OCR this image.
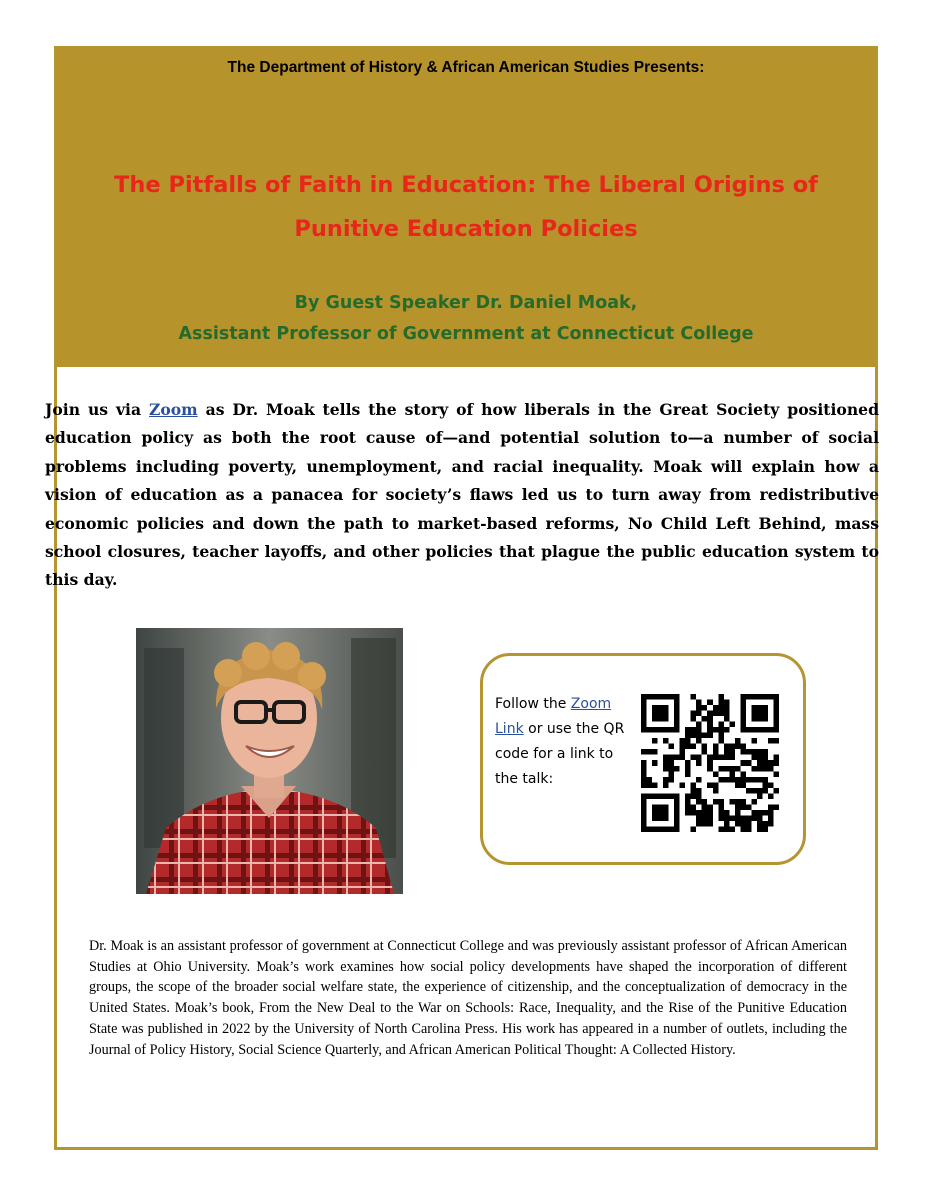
The Department of History & African American Studies Presents:
The Pitfalls of Faith in Education: The Liberal Origins of Punitive Education Policies
By Guest Speaker Dr. Daniel Moak,
Assistant Professor of Government at Connecticut College
Join us via Zoom as Dr. Moak tells the story of how liberals in the Great Society positioned education policy as both the root cause of—and potential solution to—a number of social problems including poverty, unemployment, and racial inequality. Moak will explain how a vision of education as a panacea for society’s flaws led us to turn away from redistributive economic policies and down the path to market-based reforms, No Child Left Behind, mass school closures, teacher layoffs, and other policies that plague the public education system to this day.
Follow the Zoom Link or use the QR code for a link to the talk:
Dr. Moak is an assistant professor of government at Connecticut College and was previously assistant professor of African American Studies at Ohio University. Moak’s work examines how social policy developments have shaped the incorporation of different groups, the scope of the broader social welfare state, the experience of citizenship, and the conceptualization of democracy in the United States. Moak’s book, From the New Deal to the War on Schools: Race, Inequality, and the Rise of the Punitive Education State was published in 2022 by the University of North Carolina Press. His work has appeared in a number of outlets, including the Journal of Policy History, Social Science Quarterly, and African American Political Thought: A Collected History.
